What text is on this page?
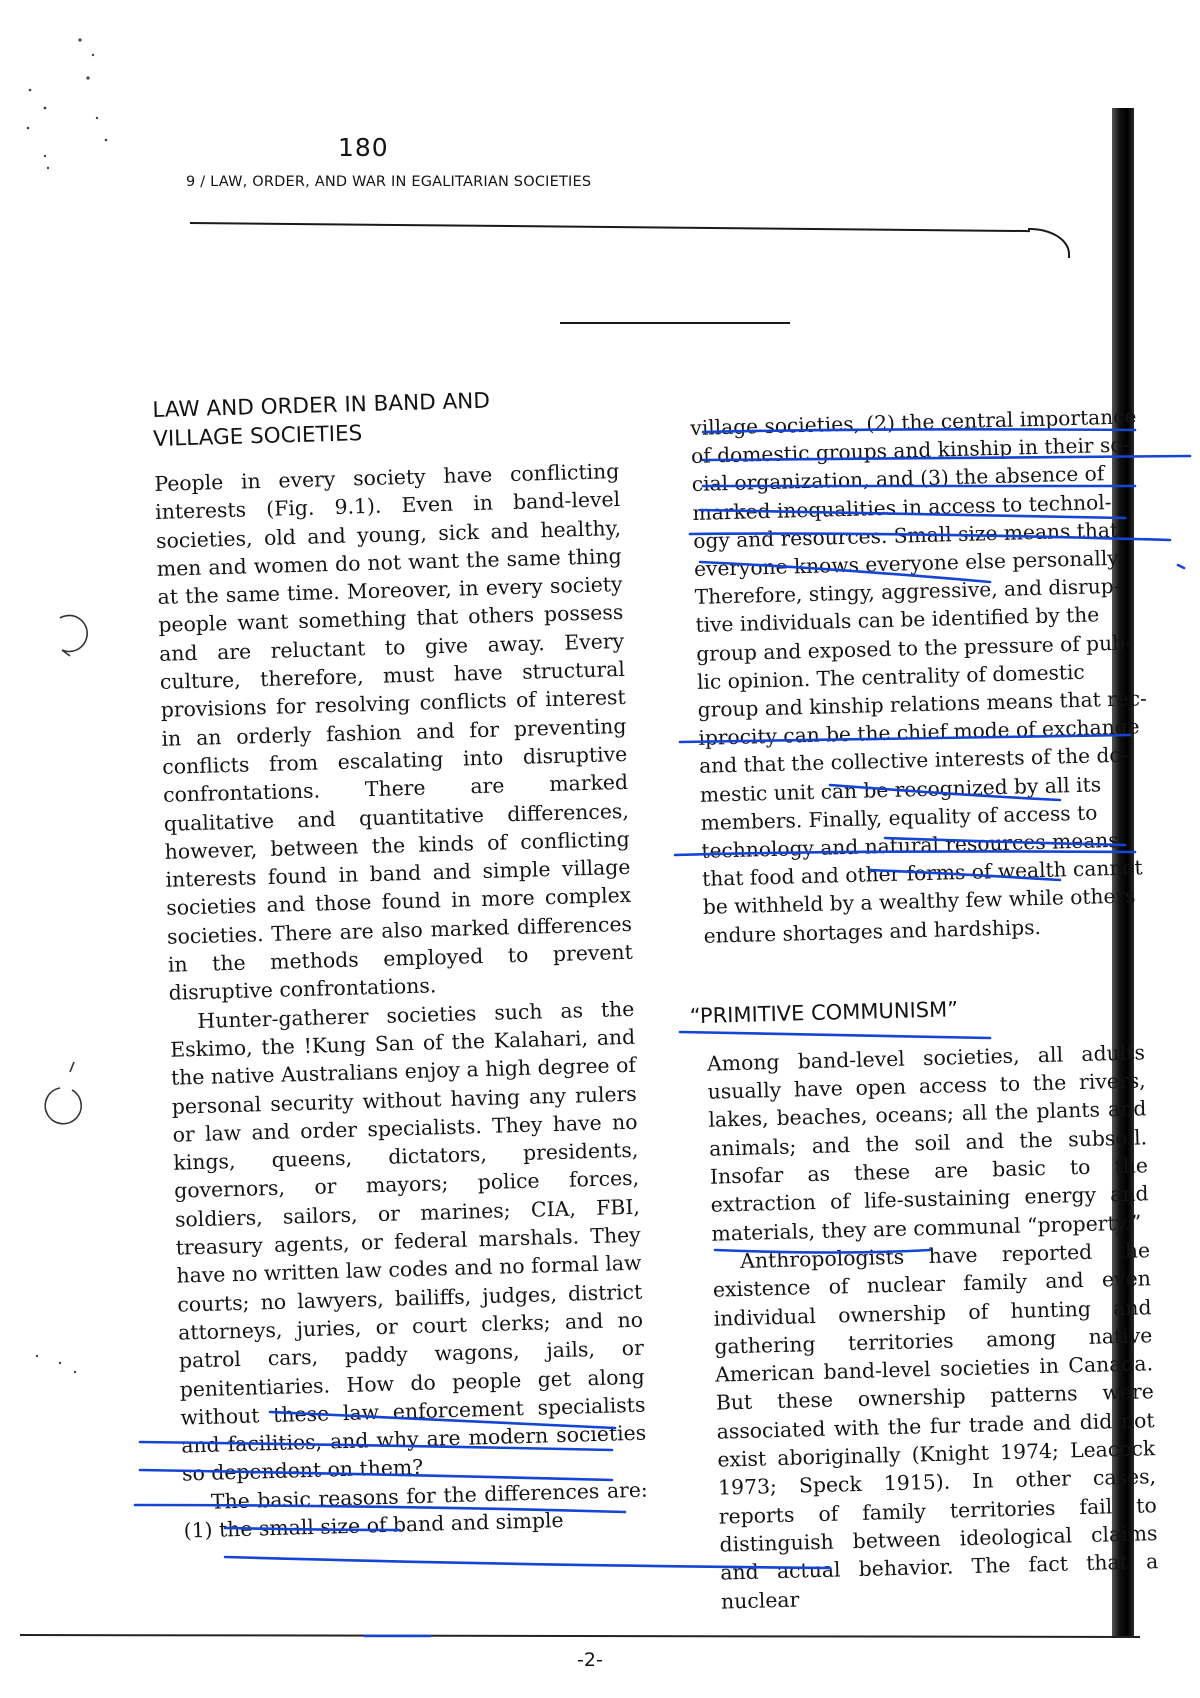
180
9 / LAW, ORDER, AND WAR IN EGALITARIAN SOCIETIES
LAW AND ORDER IN BAND AND
VILLAGE SOCIETIES

People in every society have conflicting interests (Fig. 9.1). Even in band-level societies, old and young, sick and healthy, men and women do not want the same thing at the same time. Moreover, in every society people want something that others possess and are reluctant to give away. Every culture, therefore, must have structural provisions for resolving conflicts of interest in an orderly fashion and for preventing conflicts from escalating into disruptive confrontations. There are marked qualitative and quantitative differences, however, between the kinds of conflicting interests found in band and simple village societies and those found in more complex societies. There are also marked differences in the methods employed to prevent disruptive confrontations.

Hunter-gatherer societies such as the Eskimo, the !Kung San of the Kalahari, and the native Australians enjoy a high degree of personal security without having any rulers or law and order specialists. They have no kings, queens, dictators, presidents, governors, or mayors; police forces, soldiers, sailors, or marines; CIA, FBI, treasury agents, or federal marshals. They have no written law codes and no formal law courts; no lawyers, bailiffs, judges, district attorneys, juries, or court clerks; and no patrol cars, paddy wagons, jails, or penitentiaries. How do people get along without these law enforcement specialists and facilities, and why are modern societies so dependent on them?

The basic reasons for the differences are: (1) the small size of band and simple

village societies, (2) the central importance
of domestic groups and kinship in their so-
cial organization, and (3) the absence of
marked inequalities in access to technol-
ogy and resources. Small size means that
everyone knows everyone else personally.
Therefore, stingy, aggressive, and disrup-
tive individuals can be identified by the
group and exposed to the pressure of pub-
lic opinion. The centrality of domestic
group and kinship relations means that rec-
iprocity can be the chief mode of exchange
and that the collective interests of the do-
mestic unit can be recognized by all its
members. Finally, equality of access to
technology and natural resources means
that food and other forms of wealth cannot
be withheld by a wealthy few while others
endure shortages and hardships.
“PRIMITIVE COMMUNISM”

Among band-level societies, all adults usually have open access to the rivers, lakes, beaches, oceans; all the plants and animals; and the soil and the subsoil. Insofar as these are basic to the extraction of life-sustaining energy and materials, they are communal “property.”

Anthropologists have reported the existence of nuclear family and even individual ownership of hunting and gathering territories among native American band-level societies in Canada. But these ownership patterns were associated with the fur trade and did not exist aboriginally (Knight 1974; Leacock 1973; Speck 1915). In other cases, reports of family territories fail to distinguish between ideological claims and actual behavior. The fact that a nuclear

-2-
